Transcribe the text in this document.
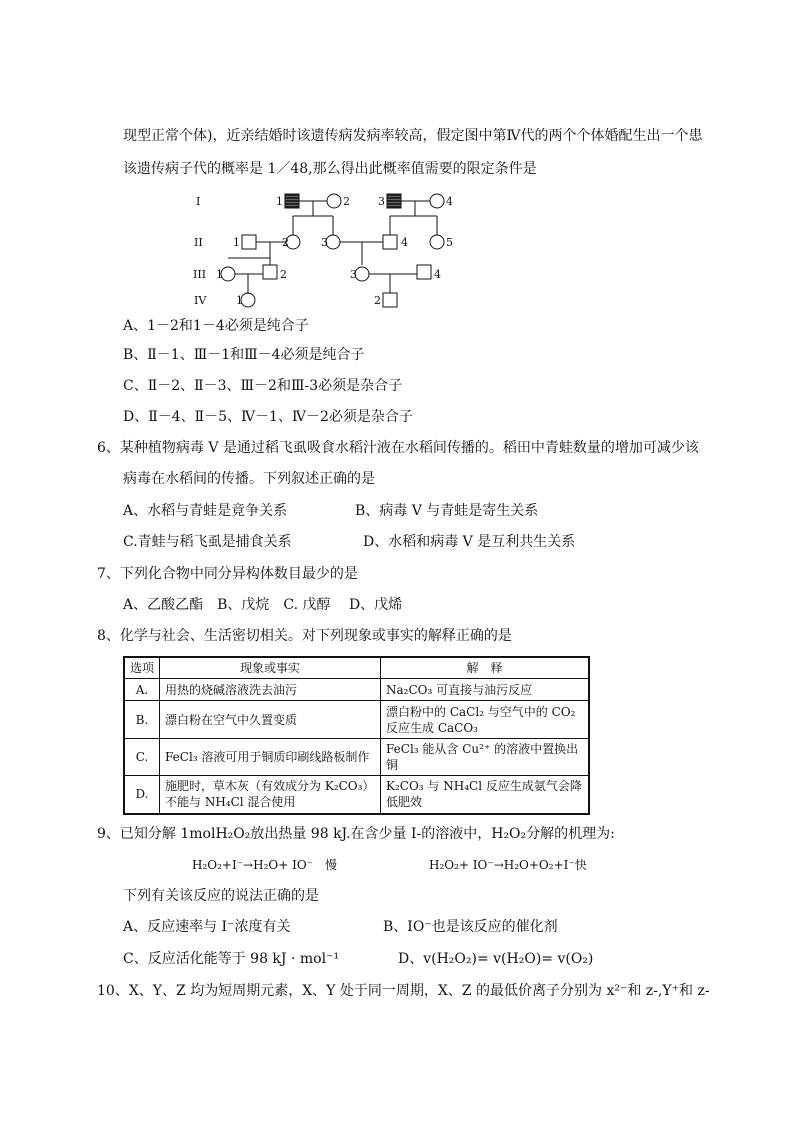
现型正常个体)，近亲结婚时该遗传病发病率较高，假定图中第Ⅳ代的两个个体婚配生出一个患
该遗传病子代的概率是 1／48,那么得出此概率值需要的限定条件是
I
II
III
IV
1	2	3	4
1	2	3	4	5
1	2	3	4
1	2
A、1－2和1－4必须是纯合子
B、Ⅱ－1、Ⅲ－1和Ⅲ－4必须是纯合子
C、Ⅱ－2、Ⅱ－3、Ⅲ－2和Ⅲ-3必须是杂合子
D、Ⅱ－4、Ⅱ－5、Ⅳ－1、Ⅳ－2必须是杂合子
6、某种植物病毒 V 是通过稻飞虱吸食水稻汁液在水稻间传播的。稻田中青蛙数量的增加可减少该
病毒在水稻间的传播。下列叙述正确的是
A、水稻与青蛙是竟争关系	B、病毒 V 与青蛙是寄生关系
C.青蛙与稻飞虱是捕食关系	D、水稻和病毒 V 是互利共生关系
7、下列化合物中同分异构体数目最少的是
A、乙酸乙酯　B、戊烷　C. 戊醇　 D、戊烯
8、化学与社会、生活密切相关。对下列现象或事实的解释正确的是
选项	现象或事实	解　释
A.	用热的烧碱溶液洗去油污	Na₂CO₃ 可直接与油污反应
B.	漂白粉在空气中久置变质	漂白粉中的 CaCl₂ 与空气中的 CO₂ 反应生成 CaCO₃
C.	FeCl₃ 溶液可用于铜质印刷线路板制作	FeCl₃ 能从含 Cu²⁺ 的溶液中置换出铜
D.	施肥时，草木灰（有效成分为 K₂CO₃）不能与 NH₄Cl 混合使用	K₂CO₃ 与 NH₄Cl 反应生成氨气会降低肥效
9、已知分解 1molH₂O₂放出热量 98 kJ.在含少量 I-的溶液中，H₂O₂分解的机理为:
H₂O₂+I⁻→H₂O+ IO⁻　慢	H₂O₂+ IO⁻→H₂O+O₂+I⁻快
下列有关该反应的说法正确的是
A、反应速率与 I⁻浓度有关	B、IO⁻也是该反应的催化剂
C、反应活化能等于 98 kJ · mol⁻¹	D、v(H₂O₂)= v(H₂O)= v(O₂)
10、X、Y、Z 均为短周期元素，X、Y 处于同一周期，X、Z 的最低价离子分别为 x²⁻和 z-,Y⁺和 z-
